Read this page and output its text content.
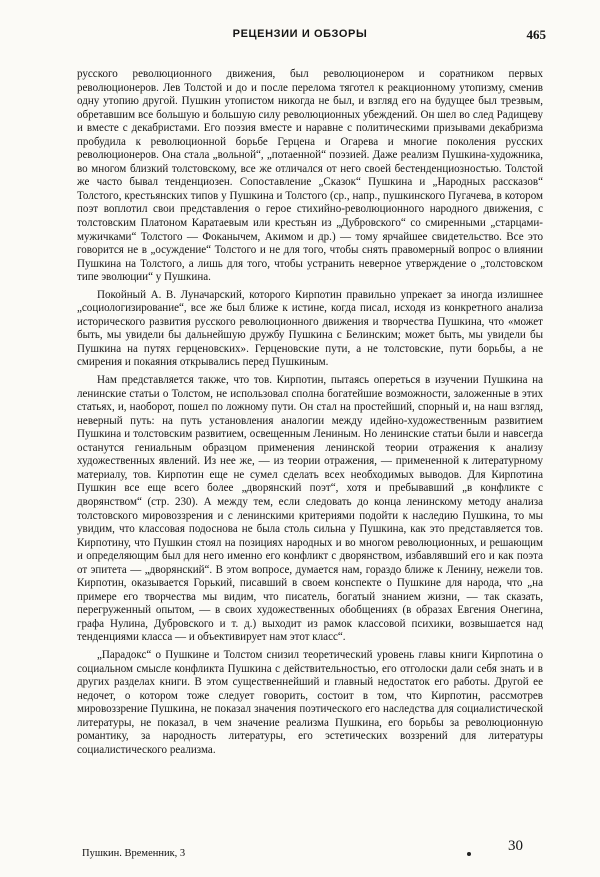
РЕЦЕНЗИИ И ОБЗОРЫ	465

русского революционного движения, был революционером и соратником первых революционеров. Лев Толстой и до и после перелома тяготел к реакционному утопизму, сменив одну утопию другой. Пушкин утопистом никогда не был, и взгляд его на будущее был трезвым, обретавшим все большую и большую силу революционных убеждений. Он шел во след Радищеву и вместе с декабристами. Его поэзия вместе и наравне с политическими призывами декабризма пробудила к революционной борьбе Герцена и Огарева и многие поколения русских революционеров. Она стала „вольной“, „потаенной“ поэзией. Даже реализм Пушкина-художника, во многом близкий толстовскому, все же отличался от него своей бестенденциозностью. Толстой же часто бывал тенденциозен. Сопоставление „Сказок“ Пушкина и „Народных рассказов“ Толстого, крестьянских типов у Пушкина и Толстого (ср., напр., пушкинского Пугачева, в котором поэт воплотил свои представления о герое стихийно-революционного народного движения, с толстовским Платоном Каратаевым или крестьян из „Дубровского“ со смиренными „старцами-мужичками“ Толстого — Фоканычем, Акимом и др.) — тому ярчайшее свидетельство. Все это говорится не в „осуждение“ Толстого и не для того, чтобы снять правомерный вопрос о влиянии Пушкина на Толстого, а лишь для того, чтобы устранить неверное утверждение о „толстовском типе эволюции“ у Пушкина.

Покойный А. В. Луначарский, которого Кирпотин правильно упрекает за иногда излишнее „социологизирование“, все же был ближе к истине, когда писал, исходя из конкретного анализа исторического развития русского революционного движения и творчества Пушкина, что «может быть, мы увидели бы дальнейшую дружбу Пушкина с Белинским; может быть, мы увидели бы Пушкина на путях герценовских». Герценовские пути, а не толстовские, пути борьбы, а не смирения и покаяния открывались перед Пушкиным.

Нам представляется также, что тов. Кирпотин, пытаясь опереться в изучении Пушкина на ленинские статьи о Толстом, не использовал сполна богатейшие возможности, заложенные в этих статьях, и, наоборот, пошел по ложному пути. Он стал на простейший, спорный и, на наш взгляд, неверный путь: на путь установления аналогии между идейно-художественным развитием Пушкина и толстовским развитием, освещенным Лениным. Но ленинские статьи были и навсегда останутся гениальным образцом применения ленинской теории отражения к анализу художественных явлений. Из нее же, — из теории отражения, — примененной к литературному материалу, тов. Кирпотин еще не сумел сделать всех необходимых выводов. Для Кирпотина Пушкин все еще всего более „дворянский поэт“, хотя и пребывавший „в конфликте с дворянством“ (стр. 230). А между тем, если следовать до конца ленинскому методу анализа толстовского мировоззрения и с ленинскими критериями подойти к наследию Пушкина, то мы увидим, что классовая подоснова не была столь сильна у Пушкина, как это представляется тов. Кирпотину, что Пушкин стоял на позициях народных и во многом революционных, и решающим и определяющим был для него именно его конфликт с дворянством, избавлявший его и как поэта от эпитета — „дворянский“. В этом вопросе, думается нам, гораздо ближе к Ленину, нежели тов. Кирпотин, оказывается Горький, писавший в своем конспекте о Пушкине для народа, что „на примере его творчества мы видим, что писатель, богатый знанием жизни, — так сказать, перегруженный опытом, — в своих художественных обобщениях (в образах Евгения Онегина, графа Нулина, Дубровского и т. д.) выходит из рамок классовой психики, возвышается над тенденциями класса — и объективирует нам этот класс“.

„Парадокс“ о Пушкине и Толстом снизил теоретический уровень главы книги Кирпотина о социальном смысле конфликта Пушкина с действительностью, его отголоски дали себя знать и в других разделах книги. В этом существеннейший и главный недостаток его работы. Другой ее недочет, о котором тоже следует говорить, состоит в том, что Кирпотин, рассмотрев мировоззрение Пушкина, не показал значения поэтического его наследства для социалистической литературы, не показал, в чем значение реализма Пушкина, его борьбы за революционную романтику, за народность литературы, его эстетических воззрений для литературы социалистического реализма.

Пушкин. Временник, 3	30
